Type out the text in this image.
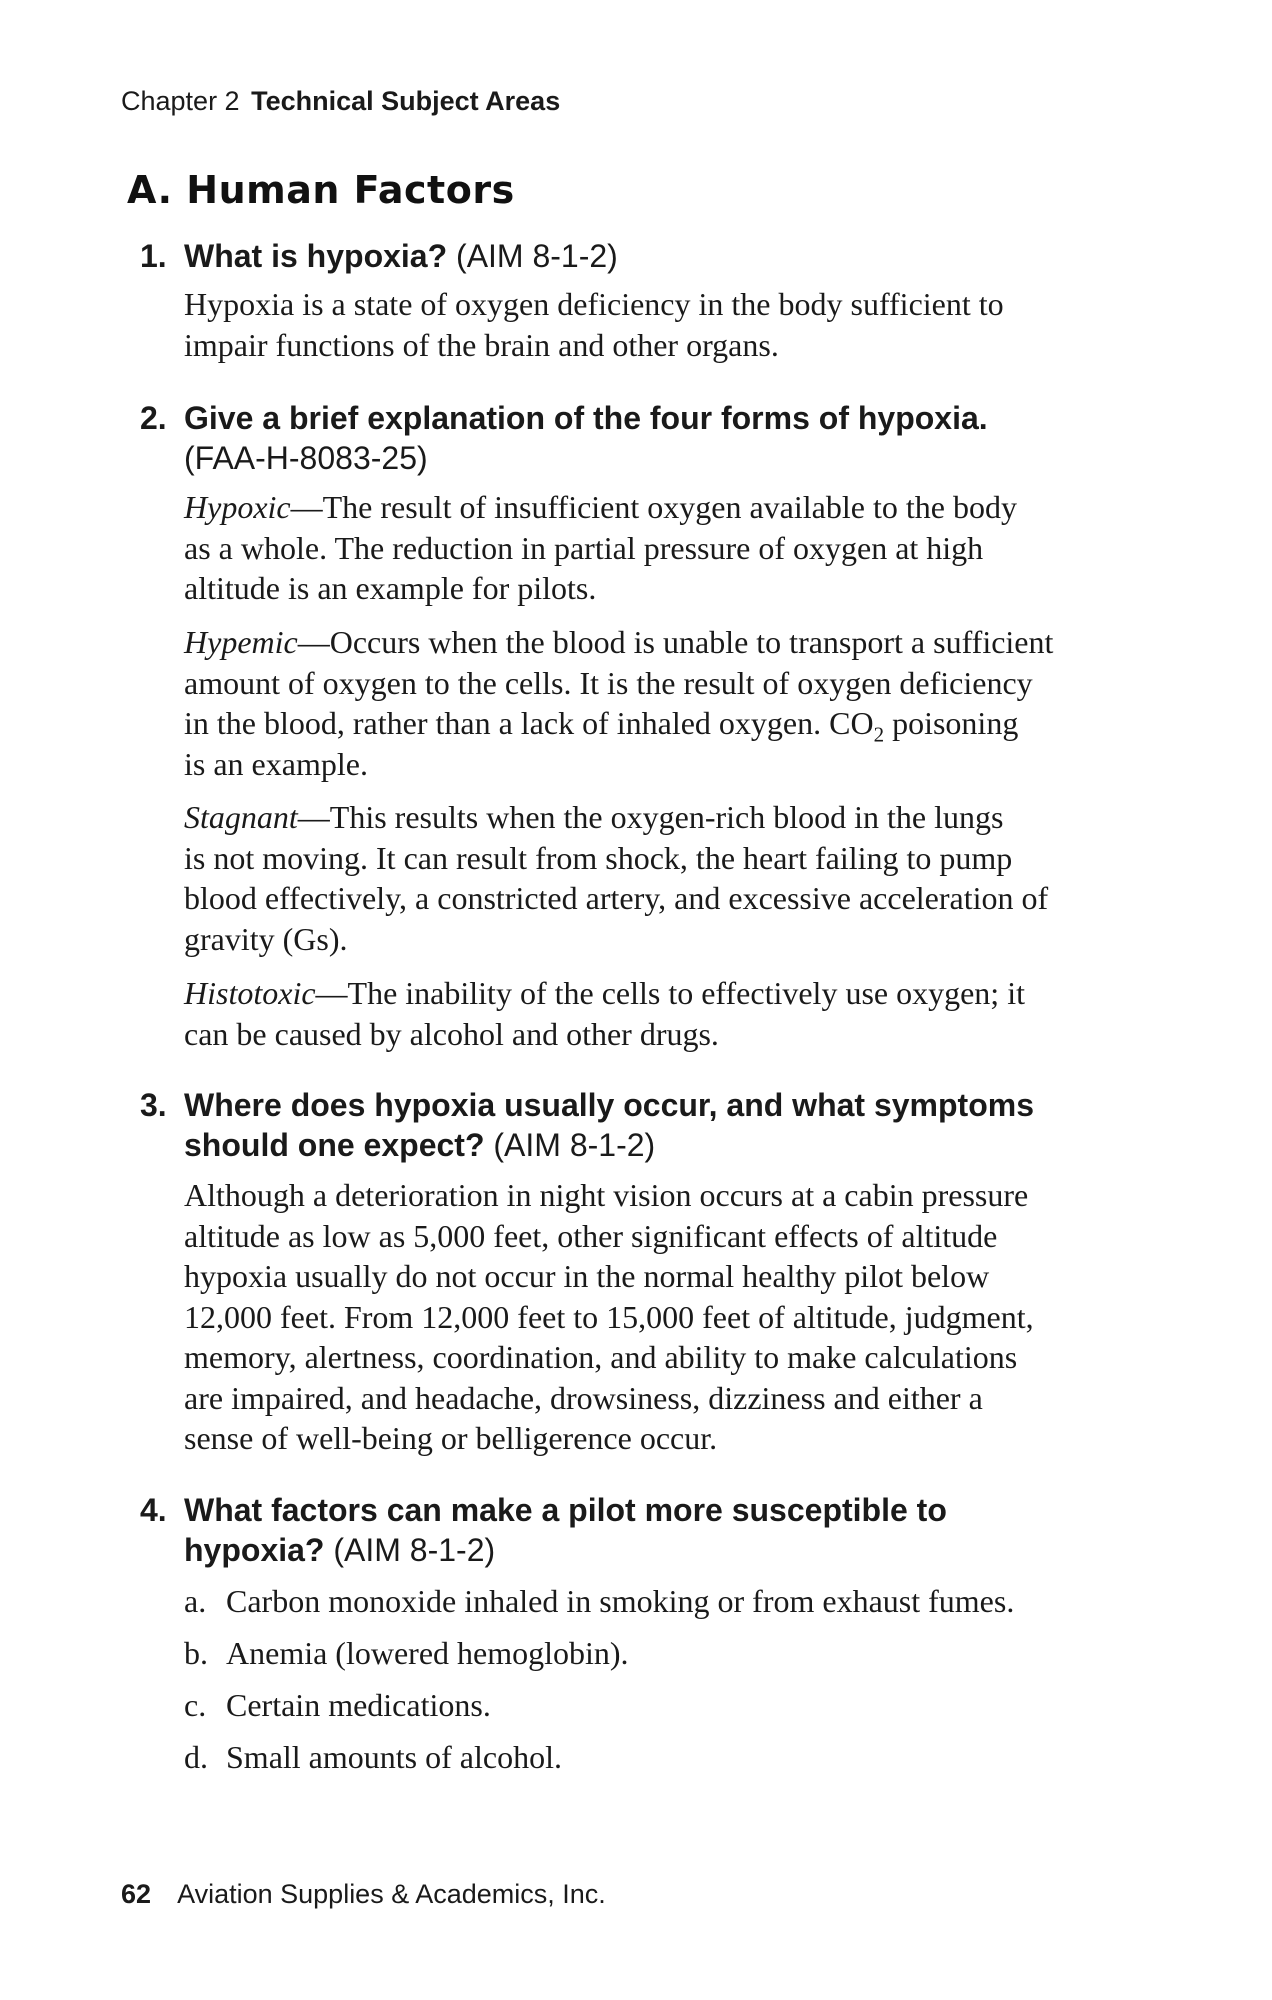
Chapter 2 Technical Subject Areas
A. Human Factors
1. What is hypoxia? (AIM 8-1-2)

Hypoxia is a state of oxygen deficiency in the body sufficient to
impair functions of the brain and other organs.

2. Give a brief explanation of the four forms of hypoxia.
(FAA-H-8083-25)

Hypoxic—The result of insufficient oxygen available to the body
as a whole. The reduction in partial pressure of oxygen at high
altitude is an example for pilots.

Hypemic—Occurs when the blood is unable to transport a sufficient
amount of oxygen to the cells. It is the result of oxygen deficiency
in the blood, rather than a lack of inhaled oxygen. $CO_2$ poisoning
is an example.

Stagnant—This results when the oxygen-rich blood in the lungs
is not moving. It can result from shock, the heart failing to pump
blood effectively, a constricted artery, and excessive acceleration of
gravity (Gs).

Histotoxic—The inability of the cells to effectively use oxygen; it
can be caused by alcohol and other drugs.

3. Where does hypoxia usually occur, and what symptoms
should one expect? (AIM 8-1-2)

Although a deterioration in night vision occurs at a cabin pressure
altitude as low as 5,000 feet, other significant effects of altitude
hypoxia usually do not occur in the normal healthy pilot below
12,000 feet. From 12,000 feet to 15,000 feet of altitude, judgment,
memory, alertness, coordination, and ability to make calculations
are impaired, and headache, drowsiness, dizziness and either a
sense of well-being or belligerence occur.

4. What factors can make a pilot more susceptible to
hypoxia? (AIM 8-1-2)
a. Carbon monoxide inhaled in smoking or from exhaust fumes.
b. Anemia (lowered hemoglobin).
c. Certain medications.
d. Small amounts of alcohol.
62 Aviation Supplies & Academics, Inc.
